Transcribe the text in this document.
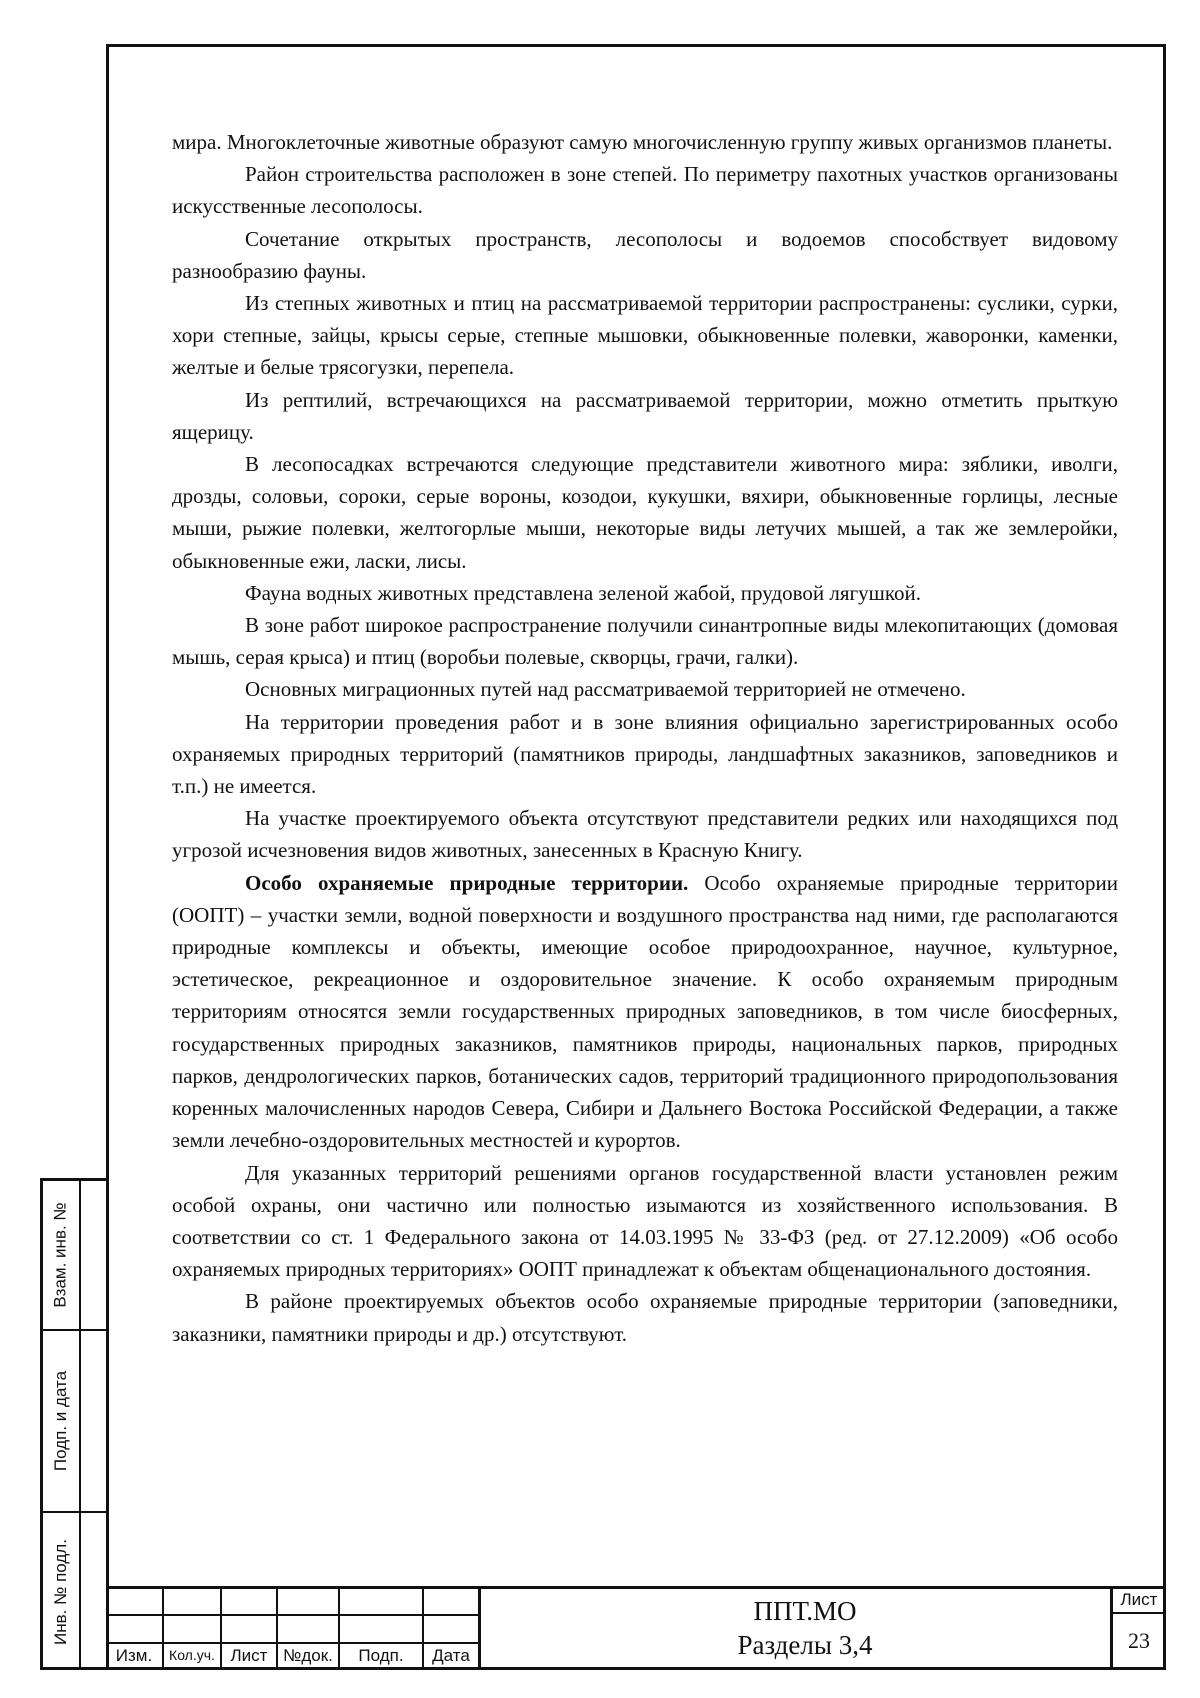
мира. Многоклеточные животные образуют самую многочисленную группу живых организмов планеты.

Район строительства расположен в зоне степей. По периметру пахотных участков организованы искусственные лесополосы.

Сочетание открытых пространств, лесополосы и водоемов способствует видовому разнообразию фауны.

Из степных животных и птиц на рассматриваемой территории распространены: суслики, сурки, хори степные, зайцы, крысы серые, степные мышовки, обыкновенные полевки, жаворонки, каменки, желтые и белые трясогузки, перепела.

Из рептилий, встречающихся на рассматриваемой территории, можно отметить прыткую ящерицу.

В лесопосадках встречаются следующие представители животного мира: зяблики, иволги, дрозды, соловьи, сороки, серые вороны, козодои, кукушки, вяхири, обыкновенные горлицы, лесные мыши, рыжие полевки, желтогорлые мыши, некоторые виды летучих мышей, а так же землеройки, обыкновенные ежи, ласки, лисы.

Фауна водных животных представлена зеленой жабой, прудовой лягушкой.

В зоне работ широкое распространение получили синантропные виды млекопитающих (домовая мышь, серая крыса) и птиц (воробьи полевые, скворцы, грачи, галки).

Основных миграционных путей над рассматриваемой территорией не отмечено.

На территории проведения работ и в зоне влияния официально зарегистрированных особо охраняемых природных территорий (памятников природы, ландшафтных заказников, заповедников и т.п.) не имеется.

На участке проектируемого объекта отсутствуют представители редких или находящихся под угрозой исчезновения видов животных, занесенных в Красную Книгу.

Особо охраняемые природные территории. Особо охраняемые природные территории (ООПТ) – участки земли, водной поверхности и воздушного пространства над ними, где располагаются природные комплексы и объекты, имеющие особое природоохранное, научное, культурное, эстетическое, рекреационное и оздоровительное значение. К особо охраняемым природным территориям относятся земли государственных природных заповедников, в том числе биосферных, государственных природных заказников, памятников природы, национальных парков, природных парков, дендрологических парков, ботанических садов, территорий традиционного природопользования коренных малочисленных народов Севера, Сибири и Дальнего Востока Российской Федерации, а также земли лечебно-оздоровительных местностей и курортов.

Для указанных территорий решениями органов государственной власти установлен режим особой охраны, они частично или полностью изымаются из хозяйственного использования. В соответствии со ст. 1 Федерального закона от 14.03.1995 № 33-ФЗ (ред. от 27.12.2009) «Об особо охраняемых природных территориях» ООПТ принадлежат к объектам общенационального достояния.

В районе проектируемых объектов особо охраняемые природные территории (заповедники, заказники, памятники природы и др.) отсутствуют.

Взам. инв. №
Подп. и дата
Инв. № подл.
Изм.	Кол.уч. Лист №док.	Подп.	Дата
ППТ.МО
Разделы 3,4
Лист
23
